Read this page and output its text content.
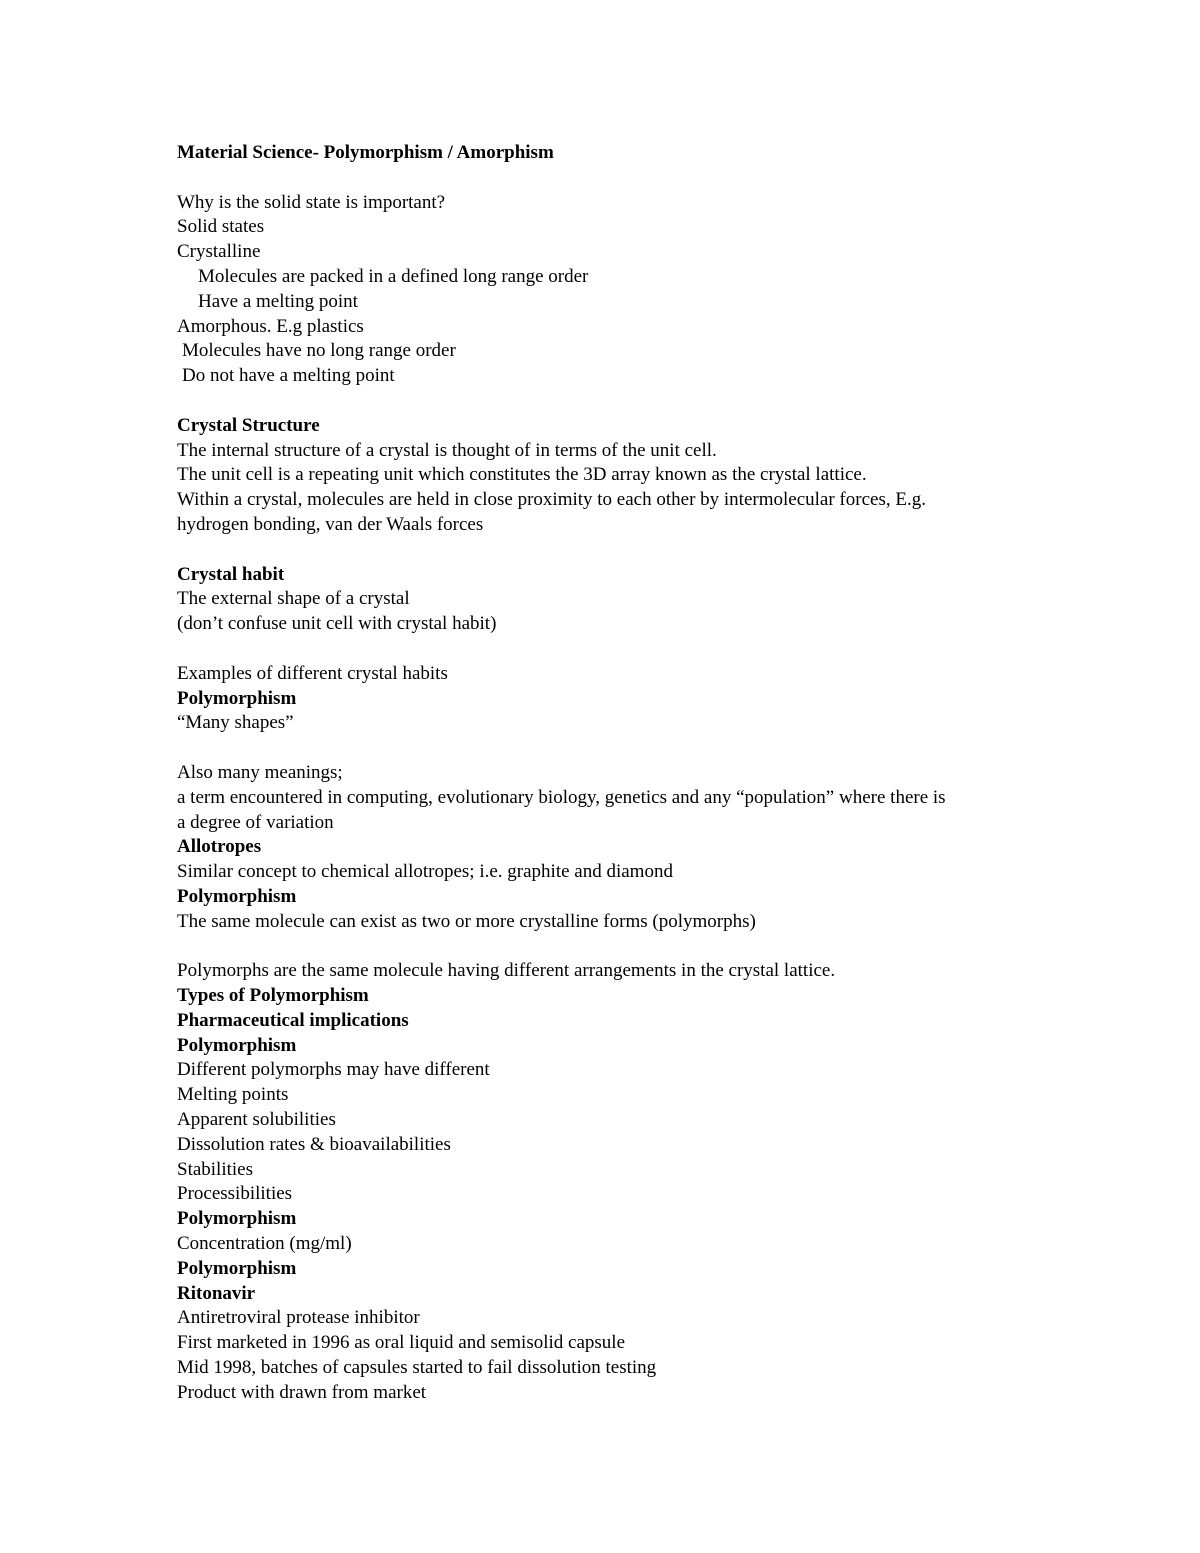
Material Science- Polymorphism / Amorphism
Why is the solid state is important?
Solid states
Crystalline
Molecules are packed in a defined long range order
Have a melting point
Amorphous. E.g plastics
Molecules have no long range order
Do not have a melting point
Crystal Structure
The internal structure of a crystal is thought of in terms of the unit cell.
The unit cell is a repeating unit which constitutes the 3D array known as the crystal lattice.
Within a crystal, molecules are held in close proximity to each other by intermolecular forces, E.g.
hydrogen bonding, van der Waals forces
Crystal habit
The external shape of a crystal
(don’t confuse unit cell with crystal habit)
Examples of different crystal habits
Polymorphism
“Many shapes”
Also many meanings;
a term encountered in computing, evolutionary biology, genetics and any “population” where there is
a degree of variation
Allotropes
Similar concept to chemical allotropes; i.e. graphite and diamond
Polymorphism
The same molecule can exist as two or more crystalline forms (polymorphs)
Polymorphs are the same molecule having different arrangements in the crystal lattice.
Types of Polymorphism
Pharmaceutical implications
Polymorphism
Different polymorphs may have different
Melting points
Apparent solubilities
Dissolution rates & bioavailabilities
Stabilities
Processibilities
Polymorphism
Concentration (mg/ml)
Polymorphism
Ritonavir
Antiretroviral protease inhibitor
First marketed in 1996 as oral liquid and semisolid capsule
Mid 1998, batches of capsules started to fail dissolution testing
Product with drawn from market
